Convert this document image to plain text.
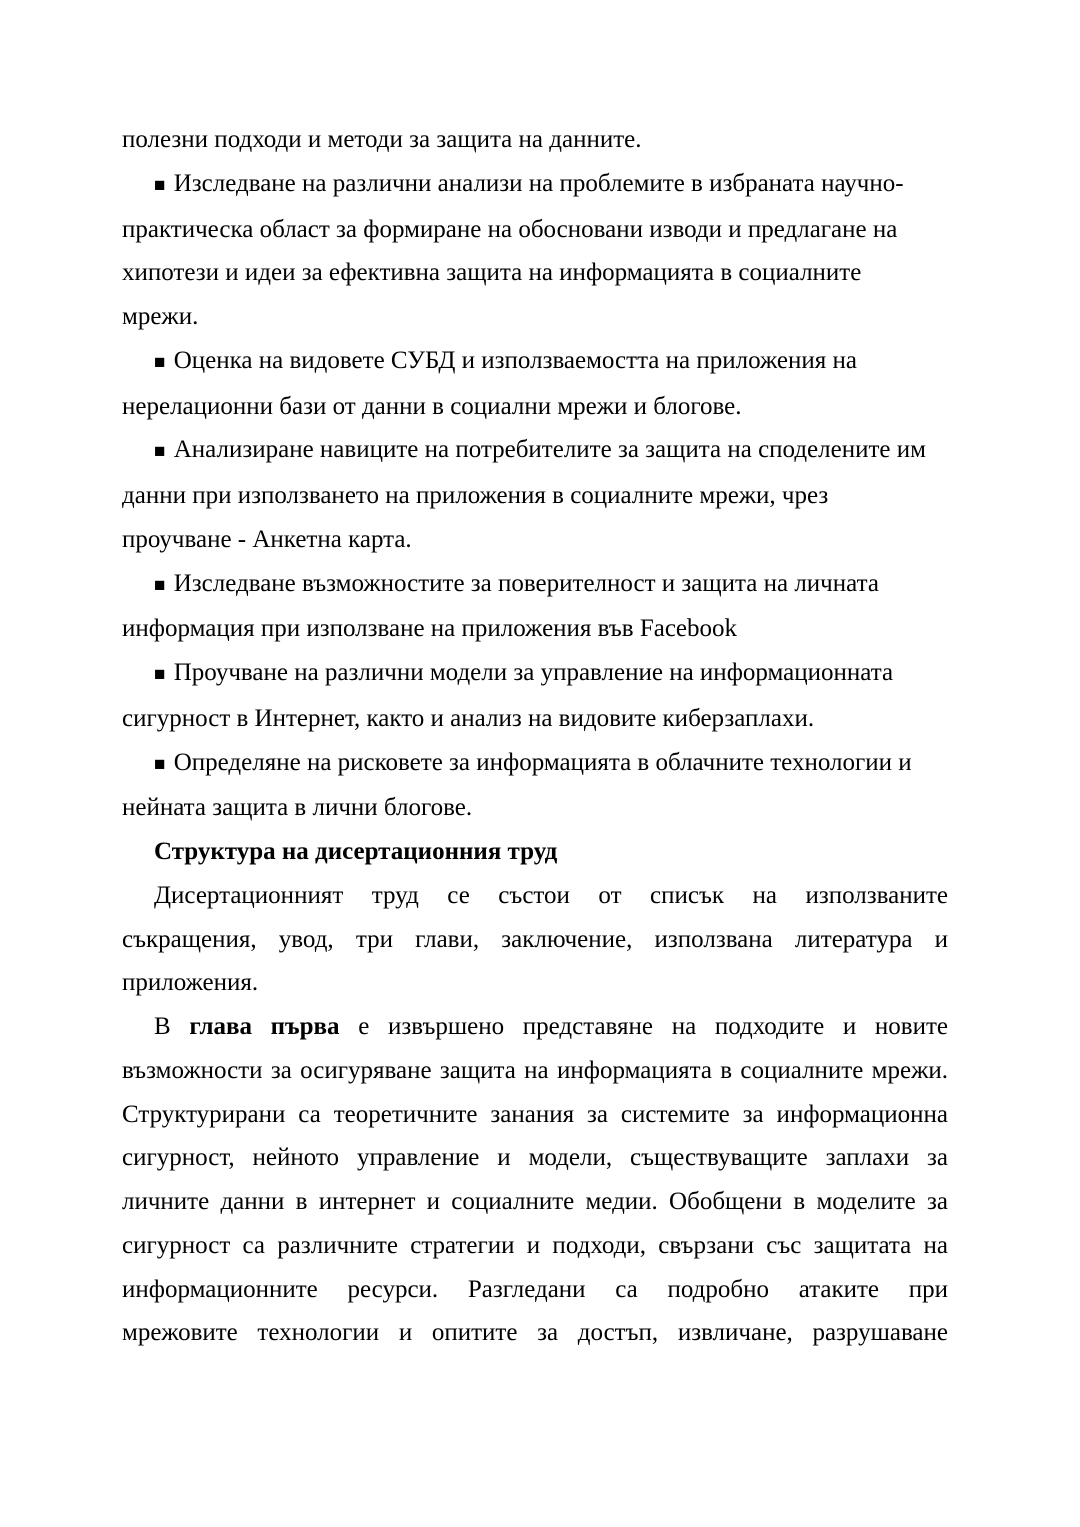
полезни подходи и методи за защита на данните.
■ Изследване на различни анализи на проблемите в избраната научно-
практическа област за формиране на обосновани изводи и предлагане на
хипотези и идеи за ефективна защита на информацията в социалните
мрежи.
■ Оценка на видовете СУБД и използваемостта на приложения на
нерелационни бази от данни в социални мрежи и блогове.
■ Анализиране навиците на потребителите за защита на споделените им
данни при използването на приложения в социалните мрежи, чрез
проучване - Анкетна карта.
■ Изследване възможностите за поверителност и защита на личната
информация при използване на приложения във Facebook
■ Проучване на различни модели за управление на информационната
сигурност в Интернет, както и анализ на видовите киберзаплахи.
■ Определяне на рисковете за информацията в облачните технологии и
нейната защита в лични блогове.
Структура на дисертационния труд
Дисертационният труд се състои от списък на използваните
съкращения, увод, три глави, заключение, използвана литература и
приложения.
В глава първа е извършено представяне на подходите и новите
възможности за осигуряване защита на информацията в социалните мрежи.
Структурирани са теоретичните занания за системите за информационна
сигурност, нейното управление и модели, съществуващите заплахи за
личните данни в интернет и социалните медии. Обобщени в моделите за
сигурност са различните стратегии и подходи, свързани със защитата на
информационните ресурси. Разгледани са подробно атаките при
мрежовите технологии и опитите за достъп, извличане, разрушаване
